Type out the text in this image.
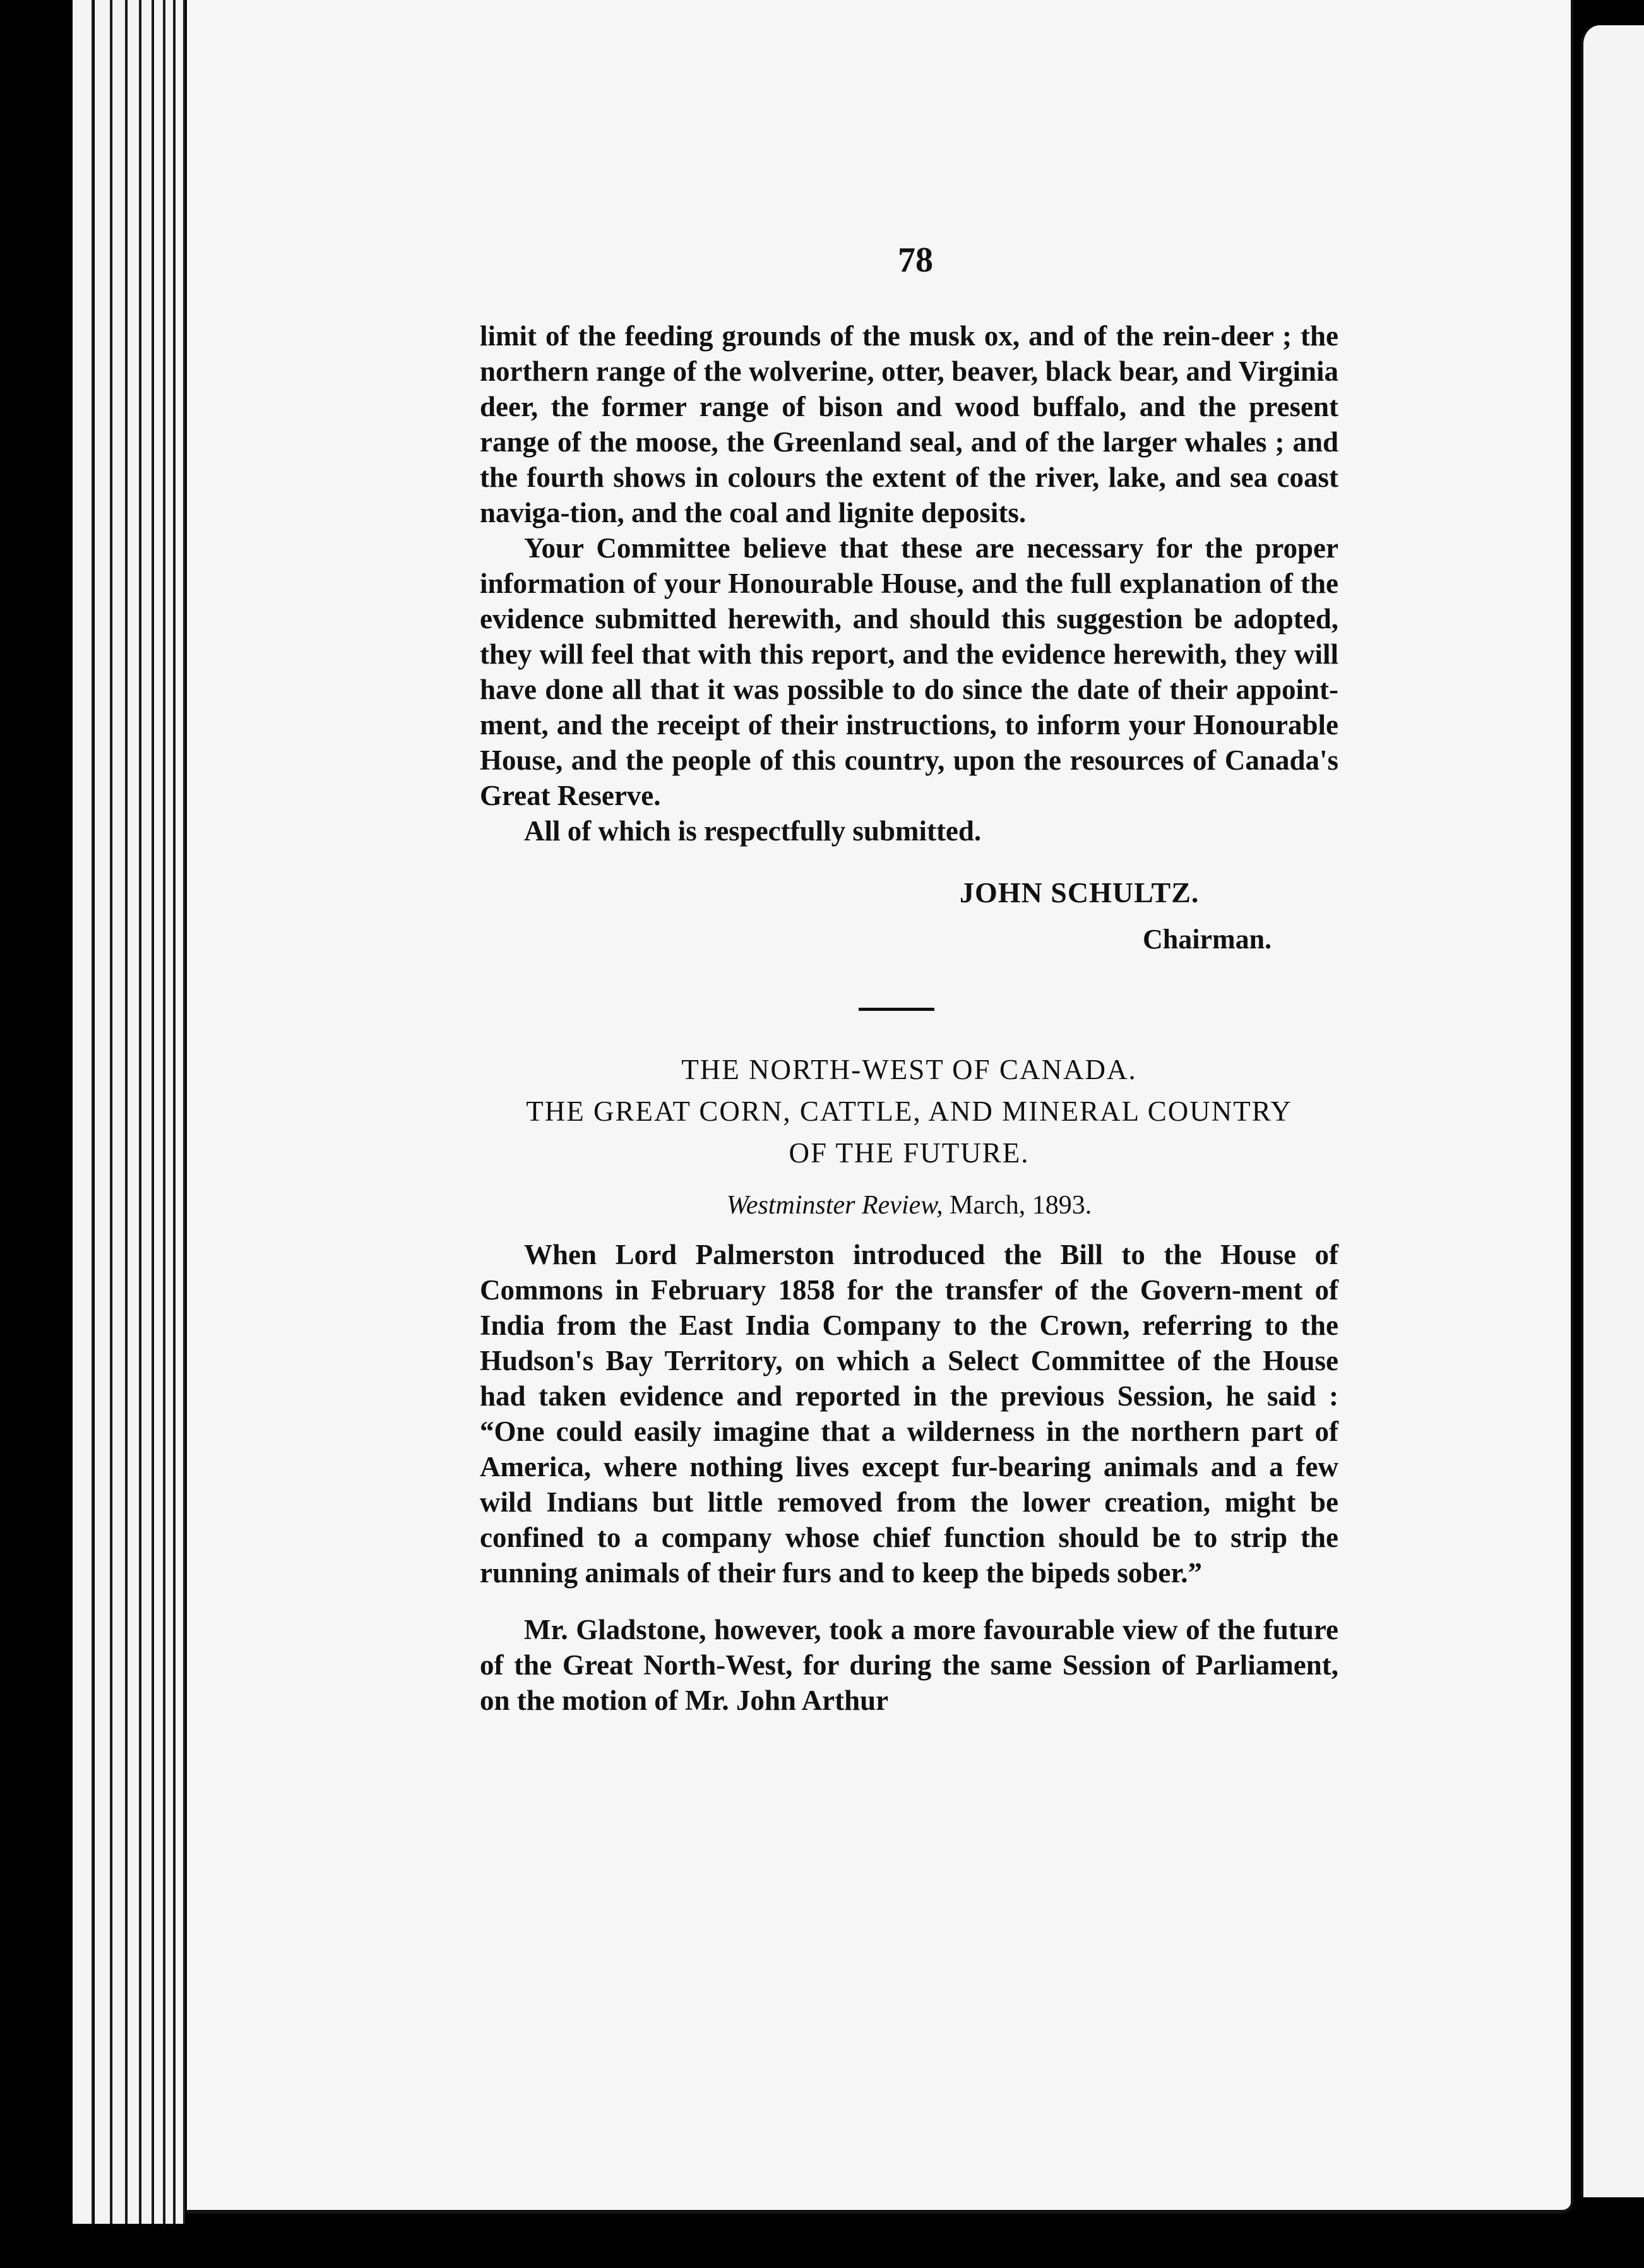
78

limit of the feeding grounds of the musk ox, and of the rein-deer ; the northern range of the wolverine, otter, beaver, black bear, and Virginia deer, the former range of bison and wood buffalo, and the present range of the moose, the Greenland seal, and of the larger whales ; and the fourth shows in colours the extent of the river, lake, and sea coast naviga-tion, and the coal and lignite deposits.

Your Committee believe that these are necessary for the proper information of your Honourable House, and the full explanation of the evidence submitted herewith, and should this suggestion be adopted, they will feel that with this report, and the evidence herewith, they will have done all that it was possible to do since the date of their appoint-ment, and the receipt of their instructions, to inform your Honourable House, and the people of this country, upon the resources of Canada's Great Reserve.

All of which is respectfully submitted.

JOHN SCHULTZ.
Chairman.
THE NORTH-WEST OF CANADA.
THE GREAT CORN, CATTLE, AND MINERAL COUNTRY
OF THE FUTURE.
Westminster Review, March, 1893.

When Lord Palmerston introduced the Bill to the House of Commons in February 1858 for the transfer of the Govern-ment of India from the East India Company to the Crown, referring to the Hudson's Bay Territory, on which a Select Committee of the House had taken evidence and reported in the previous Session, he said : “One could easily imagine that a wilderness in the northern part of America, where nothing lives except fur-bearing animals and a few wild Indians but little removed from the lower creation, might be confined to a company whose chief function should be to strip the running animals of their furs and to keep the bipeds sober.”

Mr. Gladstone, however, took a more favourable view of the future of the Great North-West, for during the same Session of Parliament, on the motion of Mr. John Arthur
